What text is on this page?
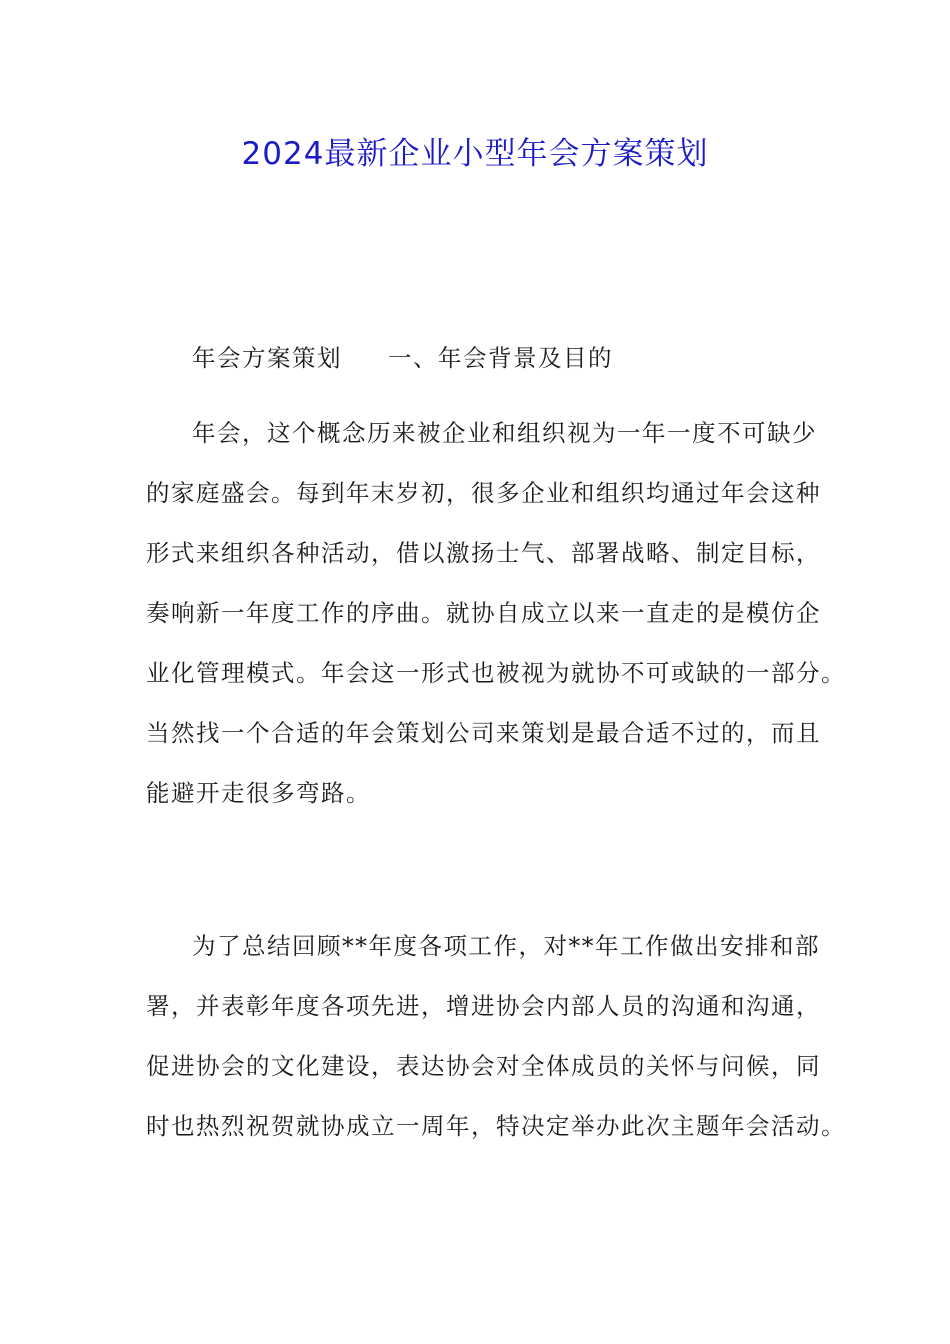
2024最新企业小型年会方案策划
年会方案策划 一、年会背景及目的
年会，这个概念历来被企业和组织视为一年一度不可缺少
的家庭盛会。每到年末岁初，很多企业和组织均通过年会这种
形式来组织各种活动，借以激扬士气、部署战略、制定目标，
奏响新一年度工作的序曲。就协自成立以来一直走的是模仿企
业化管理模式。年会这一形式也被视为就协不可或缺的一部分。
当然找一个合适的年会策划公司来策划是最合适不过的，而且
能避开走很多弯路。
为了总结回顾**年度各项工作，对**年工作做出安排和部
署，并表彰年度各项先进，增进协会内部人员的沟通和沟通，
促进协会的文化建设，表达协会对全体成员的关怀与问候，同
时也热烈祝贺就协成立一周年，特决定举办此次主题年会活动。
